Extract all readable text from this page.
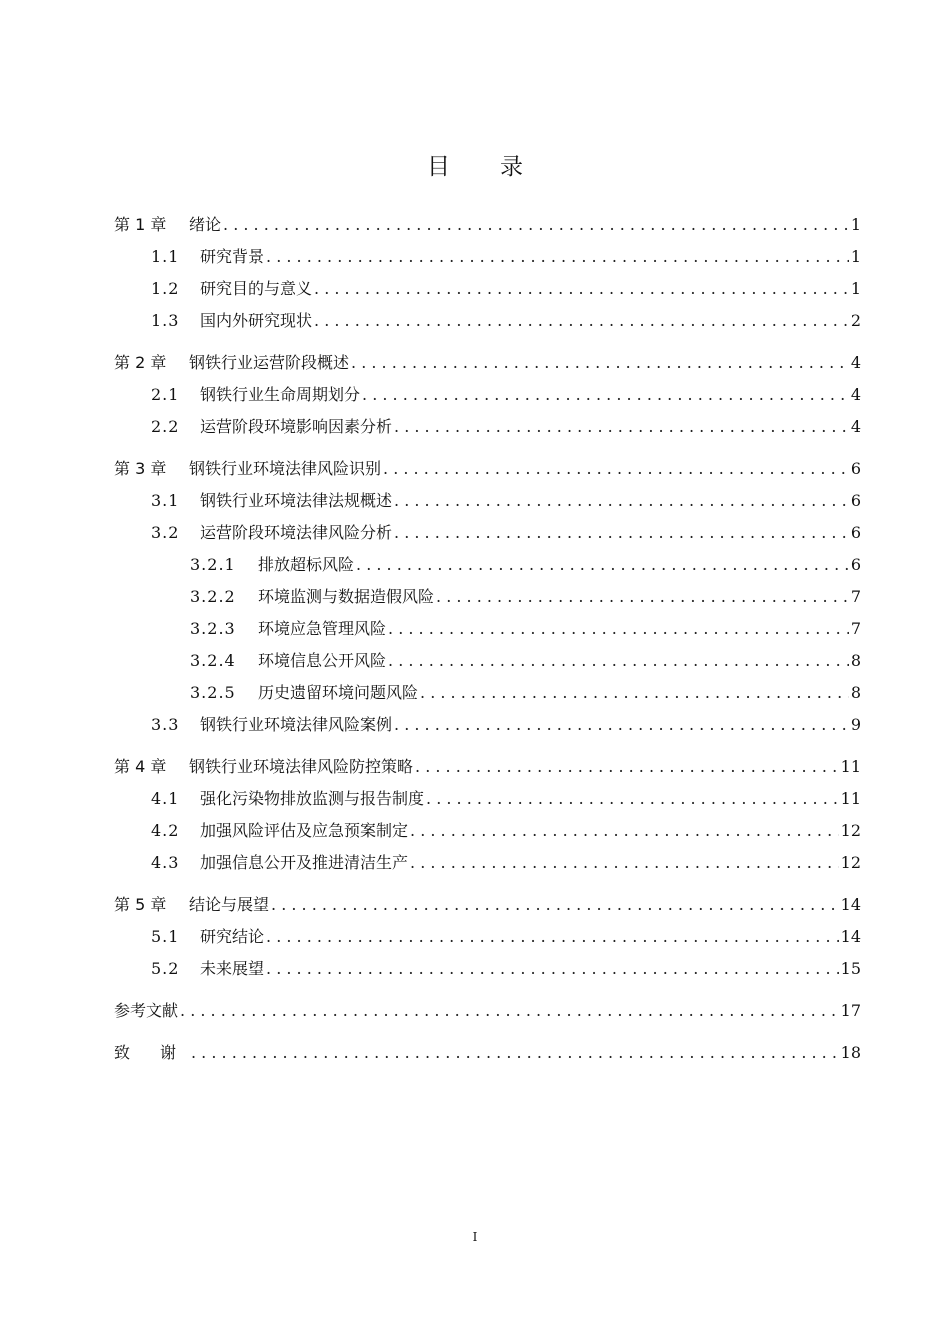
目 录
第 1 章	绪论 . . .	1
1.1	研究背景 . . .	1
1.2	研究目的与意义 . . .	1
1.3	国内外研究现状 . . .	2
第 2 章	钢铁行业运营阶段概述 . . .	4
2.1	钢铁行业生命周期划分 . . .	4
2.2	运营阶段环境影响因素分析 . . .	4
第 3 章	钢铁行业环境法律风险识别 . . .	6
3.1	钢铁行业环境法律法规概述 . . .	6
3.2	运营阶段环境法律风险分析 . . .	6
3.2.1	排放超标风险 . . .	6
3.2.2	环境监测与数据造假风险 . . .	7
3.2.3	环境应急管理风险 . . .	7
3.2.4	环境信息公开风险 . . .	8
3.2.5	历史遗留环境问题风险 . . .	8
3.3	钢铁行业环境法律风险案例 . . .	9
第 4 章	钢铁行业环境法律风险防控策略 . . .	11
4.1	强化污染物排放监测与报告制度 . . .	11
4.2	加强风险评估及应急预案制定 . . .	12
4.3	加强信息公开及推进清洁生产 . . .	12
第 5 章	结论与展望 . . .	14
5.1	研究结论 . . .	14
5.2	未来展望 . . .	15
参考文献 . . .	17
致 谢 . . .	18
I
